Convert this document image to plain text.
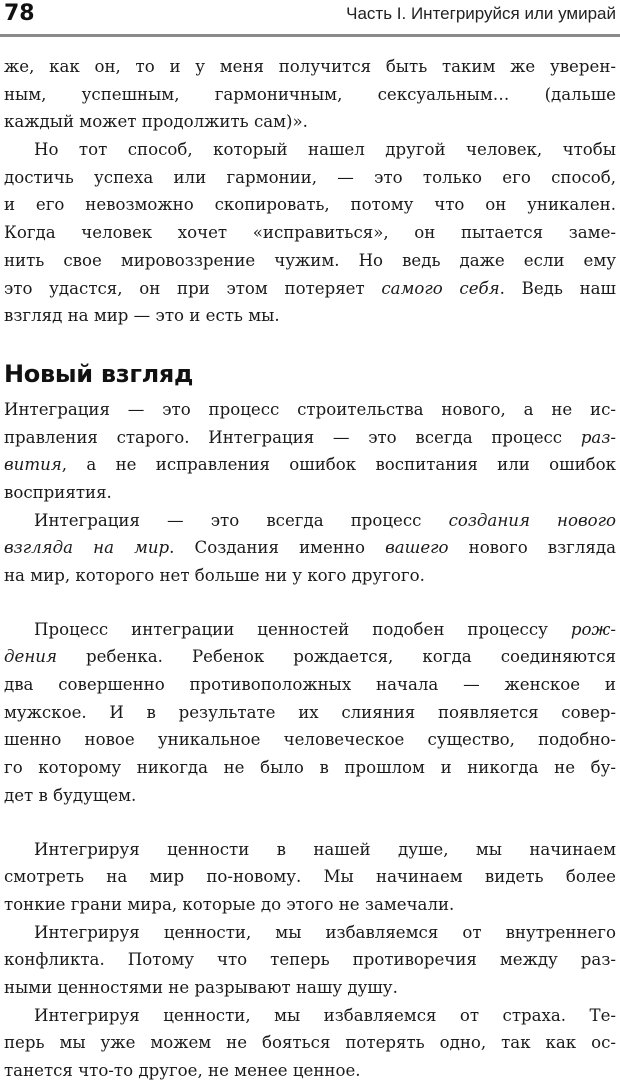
78	Часть I. Интегрируйся или умирай
же, как он, то и у меня получится быть таким же уверен-
ным, успешным, гармоничным, сексуальным… (дальше
каждый может продолжить сам)».
Но тот способ, который нашел другой человек, чтобы
достичь успеха или гармонии, — это только его способ,
и его невозможно скопировать, потому что он уникален.
Когда человек хочет «исправиться», он пытается заме-
нить свое мировоззрение чужим. Но ведь даже если ему
это удастся, он при этом потеряет самого себя. Ведь наш
взгляд на мир — это и есть мы.
Новый взгляд
Интеграция — это процесс строительства нового, а не ис-
правления старого. Интеграция — это всегда процесс раз-
вития, а не исправления ошибок воспитания или ошибок
восприятия.
Интеграция — это всегда процесс создания нового
взгляда на мир. Создания именно вашего нового взгляда
на мир, которого нет больше ни у кого другого.
Процесс интеграции ценностей подобен процессу рож-
дения ребенка. Ребенок рождается, когда соединяются
два совершенно противоположных начала — женское и
мужское. И в результате их слияния появляется совер-
шенно новое уникальное человеческое существо, подобно-
го которому никогда не было в прошлом и никогда не бу-
дет в будущем.
Интегрируя ценности в нашей душе, мы начинаем
смотреть на мир по-новому. Мы начинаем видеть более
тонкие грани мира, которые до этого не замечали.
Интегрируя ценности, мы избавляемся от внутреннего
конфликта. Потому что теперь противоречия между раз-
ными ценностями не разрывают нашу душу.
Интегрируя ценности, мы избавляемся от страха. Те-
перь мы уже можем не бояться потерять одно, так как ос-
танется что-то другое, не менее ценное.
